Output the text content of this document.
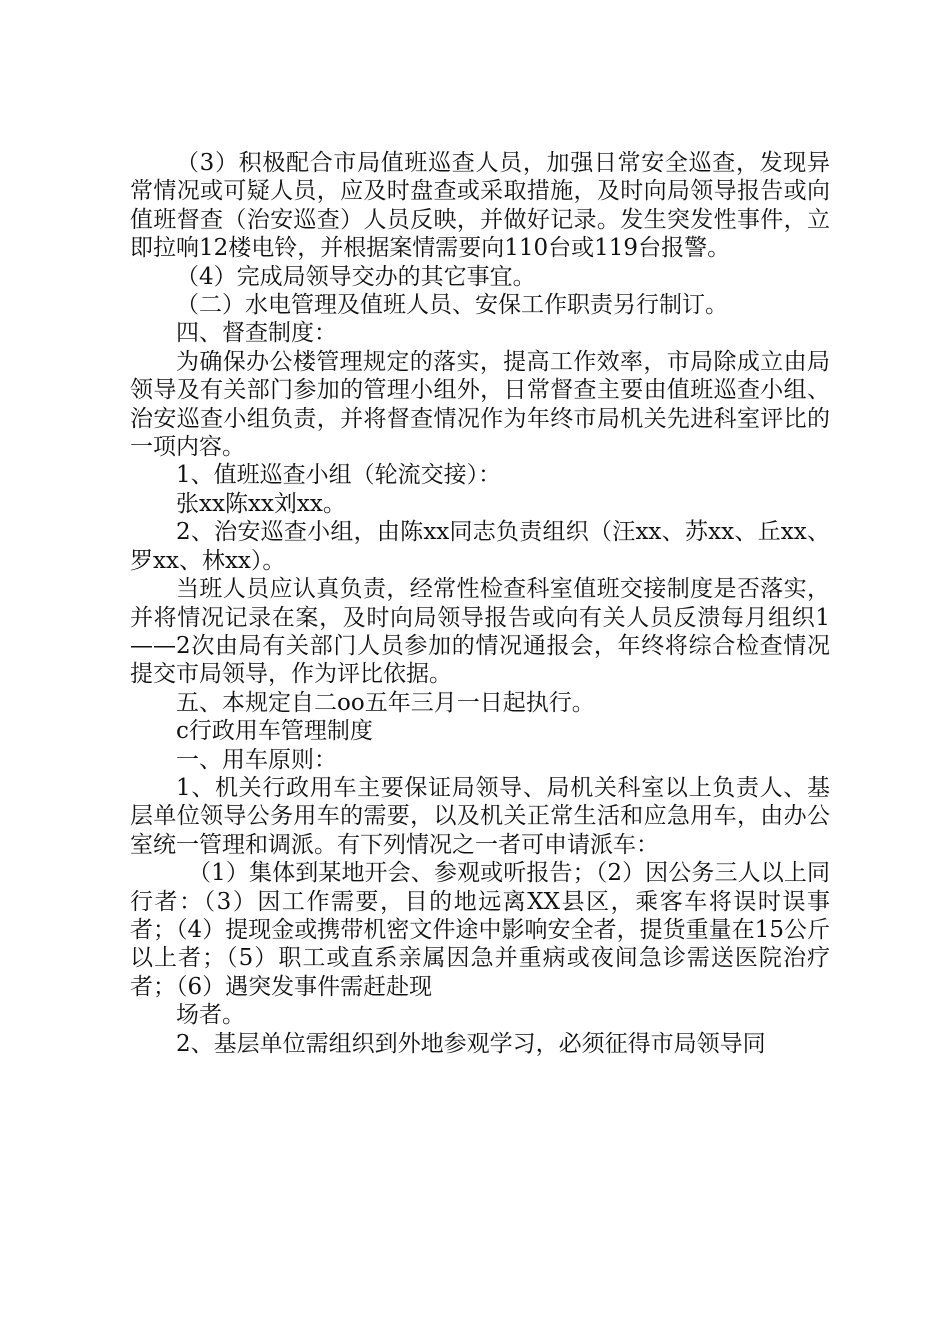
（3）积极配合市局值班巡查人员，加强日常安全巡查，发现异常情况或可疑人员，应及时盘查或采取措施，及时向局领导报告或向值班督查（治安巡查）人员反映，并做好记录。发生突发性事件，立即拉响12楼电铃，并根据案情需要向110台或119台报警。

（4）完成局领导交办的其它事宜。

（二）水电管理及值班人员、安保工作职责另行制订。

四、督查制度：

为确保办公楼管理规定的落实，提高工作效率，市局除成立由局领导及有关部门参加的管理小组外，日常督查主要由值班巡查小组、治安巡查小组负责，并将督查情况作为年终市局机关先进科室评比的一项内容。

1、值班巡查小组（轮流交接）：

张xx陈xx刘xx。

2、治安巡查小组，由陈xx同志负责组织（汪xx、苏xx、丘xx、罗xx、林xx）。

当班人员应认真负责，经常性检查科室值班交接制度是否落实，并将情况记录在案，及时向局领导报告或向有关人员反溃每月组织1——2次由局有关部门人员参加的情况通报会，年终将综合检查情况提交市局领导，作为评比依据。

五、本规定自二oo五年三月一日起执行。

c行政用车管理制度

一、用车原则：

1、机关行政用车主要保证局领导、局机关科室以上负责人、基层单位领导公务用车的需要，以及机关正常生活和应急用车，由办公室统一管理和调派。有下列情况之一者可申请派车：

（1）集体到某地开会、参观或听报告；（2）因公务三人以上同行者：（3）因工作需要，目的地远离XX县区，乘客车将误时误事者；（4）提现金或携带机密文件途中影响安全者，提货重量在15公斤以上者；（5）职工或直系亲属因急并重病或夜间急诊需送医院治疗者；（6）遇突发事件需赶赴现

场者。

2、基层单位需组织到外地参观学习，必须征得市局领导同
